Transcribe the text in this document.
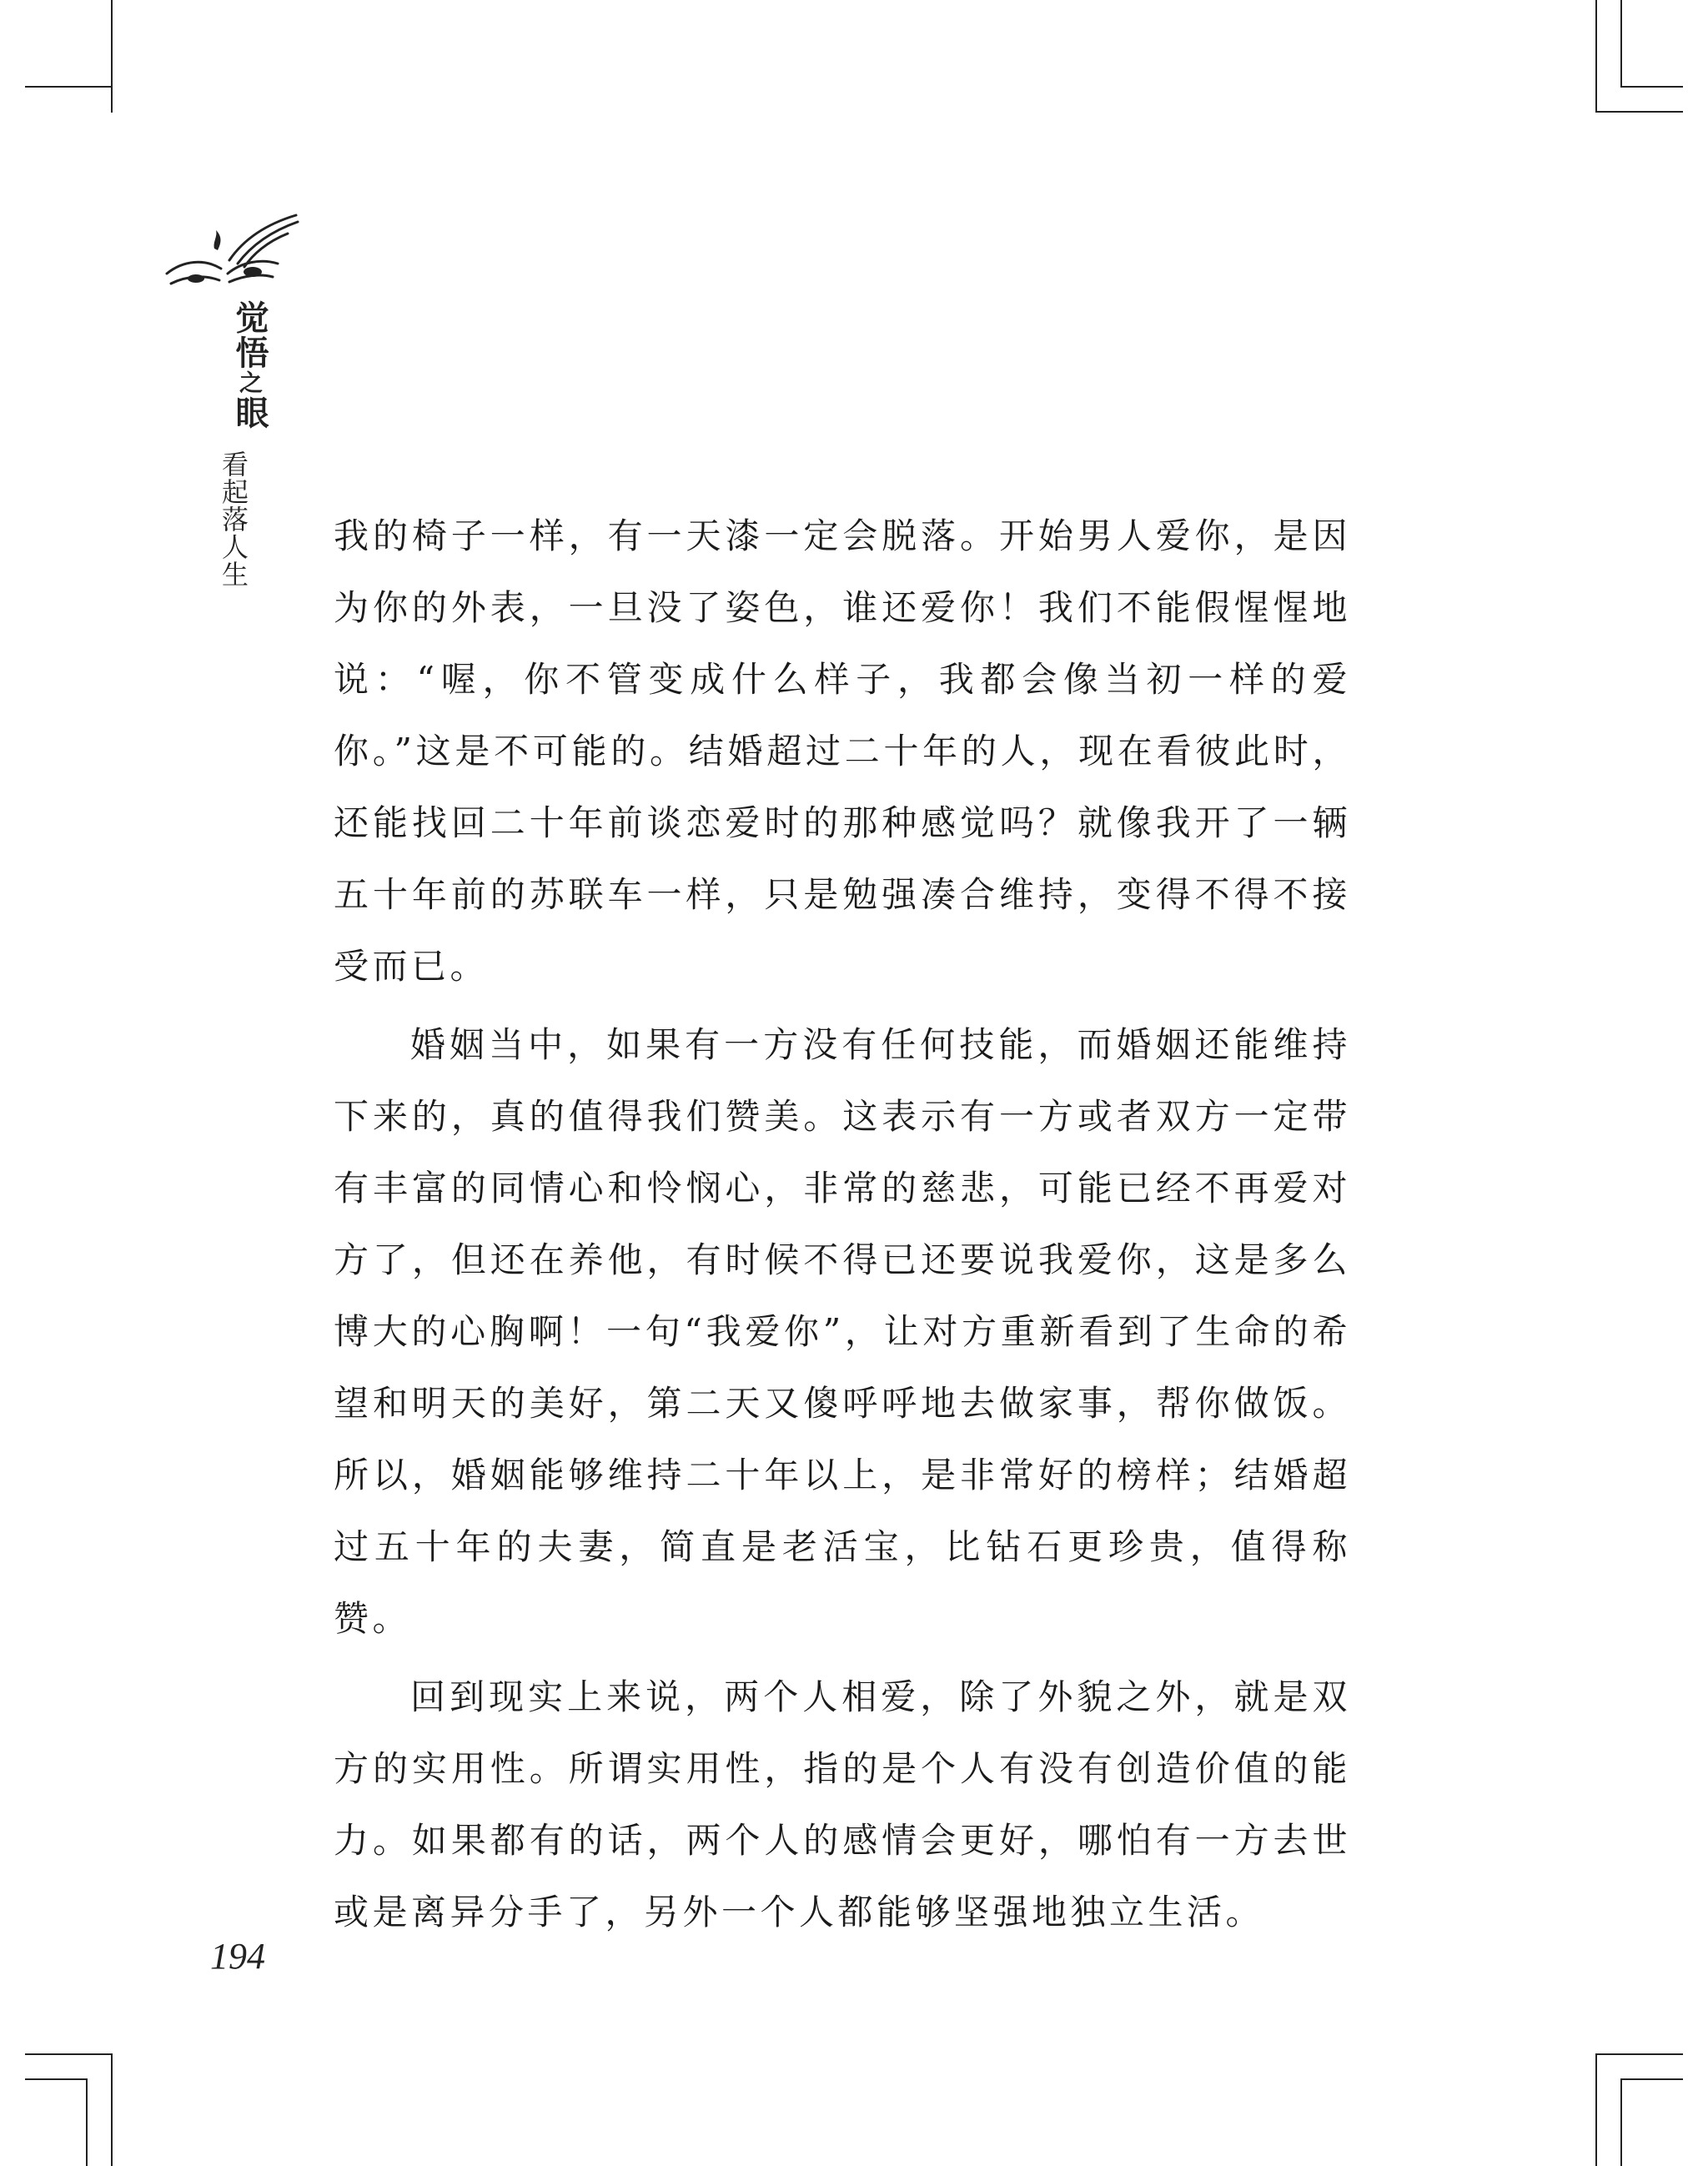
觉悟之眼
看起落人生 我的椅子一样，有一天漆一定会脱落。开始男人爱你，是因为你的外表，一旦没了姿色，谁还爱你！我们不能假惺惺地说：“喔，你不管变成什么样子，我都会像当初一样的爱你。”这是不可能的。结婚超过二十年的人，现在看彼此时，还能找回二十年前谈恋爱时的那种感觉吗？就像我开了一辆五十年前的苏联车一样，只是勉强凑合维持，变得不得不接受而已。

婚姻当中，如果有一方没有任何技能，而婚姻还能维持下来的，真的值得我们赞美。这表示有一方或者双方一定带有丰富的同情心和怜悯心，非常的慈悲，可能已经不再爱对方了，但还在养他，有时候不得已还要说我爱你，这是多么博大的心胸啊！一句“我爱你”，让对方重新看到了生命的希望和明天的美好，第二天又傻呼呼地去做家事，帮你做饭。所以，婚姻能够维持二十年以上，是非常好的榜样；结婚超过五十年的夫妻，简直是老活宝，比钻石更珍贵，值得称赞。

回到现实上来说，两个人相爱，除了外貌之外，就是双方的实用性。所谓实用性，指的是个人有没有创造价值的能力。如果都有的话，两个人的感情会更好，哪怕有一方去世或是离异分手了，另外一个人都能够坚强地独立生活。

194
